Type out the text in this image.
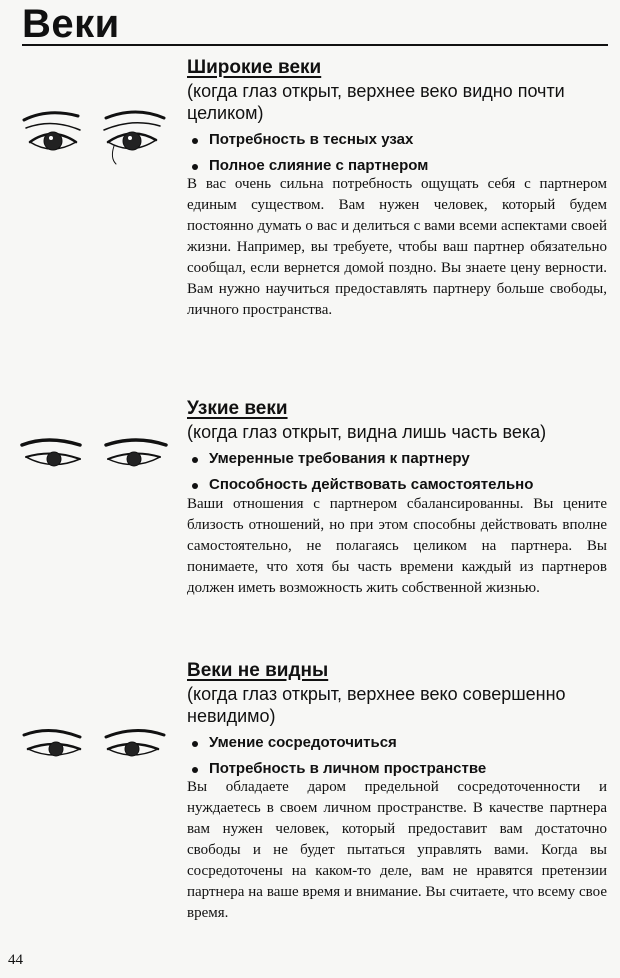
Веки
Широкие веки

(когда глаз открыт, верхнее веко видно почти целиком)

Потребность в тесных узах
Полное слияние с партнером

В вас очень сильна потребность ощущать себя с партнером единым существом. Вам нужен человек, который будем постоянно думать о вас и делиться с вами всеми аспектами своей жизни. Например, вы требуете, чтобы ваш партнер обязательно сообщал, если вернется домой поздно. Вы знаете цену верности. Вам нужно научиться предоставлять партнеру больше свободы, личного пространства.

Узкие веки

(когда глаз открыт, видна лишь часть века)

Умеренные требования к партнеру
Способность действовать самостоятельно

Ваши отношения с партнером сбалансированны. Вы цените близость отношений, но при этом способны действовать вполне самостоятельно, не полагаясь целиком на партнера. Вы понимаете, что хотя бы часть времени каждый из партнеров должен иметь возможность жить собственной жизнью.

Веки не видны

(когда глаз открыт, верхнее веко совершенно невидимо)

Умение сосредоточиться
Потребность в личном пространстве

Вы обладаете даром предельной сосредоточенности и нуждаетесь в своем личном пространстве. В качестве партнера вам нужен человек, который предоставит вам достаточно свободы и не будет пытаться управлять вами. Когда вы сосредоточены на каком-то деле, вам не нравятся претензии партнера на ваше время и внимание. Вы считаете, что всему свое время.

44
